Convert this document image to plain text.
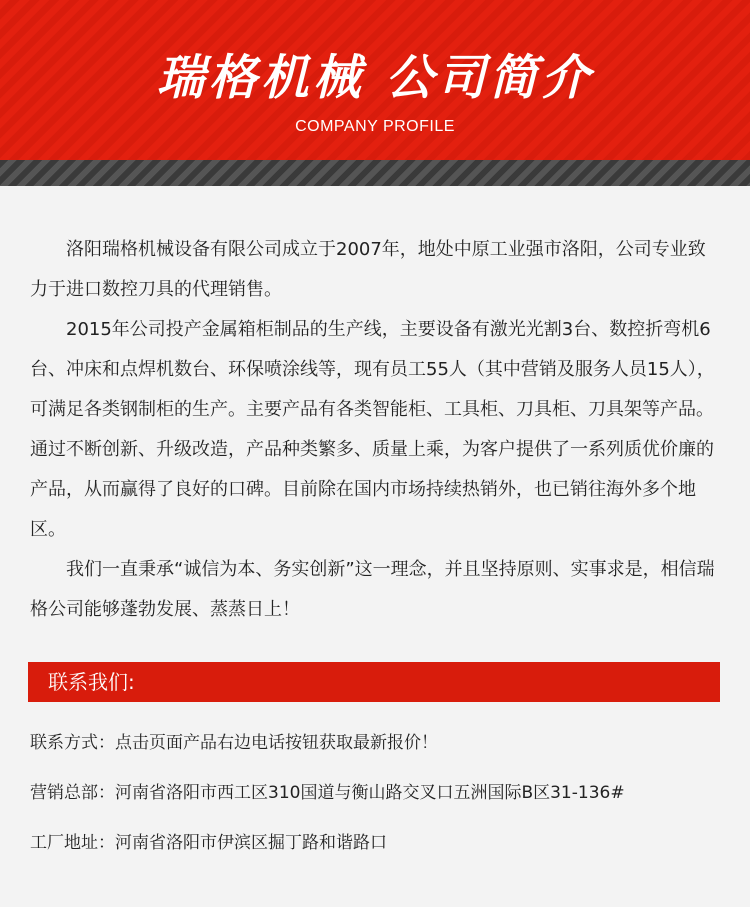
瑞格机械 公司简介
COMPANY PROFILE

洛阳瑞格机械设备有限公司成立于2007年，地处中原工业强市洛阳，公司专业致力于进口数控刀具的代理销售。

2015年公司投产金属箱柜制品的生产线，主要设备有激光光割3台、数控折弯机6台、冲床和点焊机数台、环保喷涂线等，现有员工55人（其中营销及服务人员15人），可满足各类钢制柜的生产。主要产品有各类智能柜、工具柜、刀具柜、刀具架等产品。通过不断创新、升级改造，产品种类繁多、质量上乘，为客户提供了一系列质优价廉的产品，从而赢得了良好的口碑。目前除在国内市场持续热销外，也已销往海外多个地区。

我们一直秉承“诚信为本、务实创新”这一理念，并且坚持原则、实事求是，相信瑞格公司能够蓬勃发展、蒸蒸日上！

联系我们:
联系方式：点击页面产品右边电话按钮获取最新报价！
营销总部：河南省洛阳市西工区310国道与衡山路交叉口五洲国际B区31-136#
工厂地址：河南省洛阳市伊滨区掘丁路和谐路口
